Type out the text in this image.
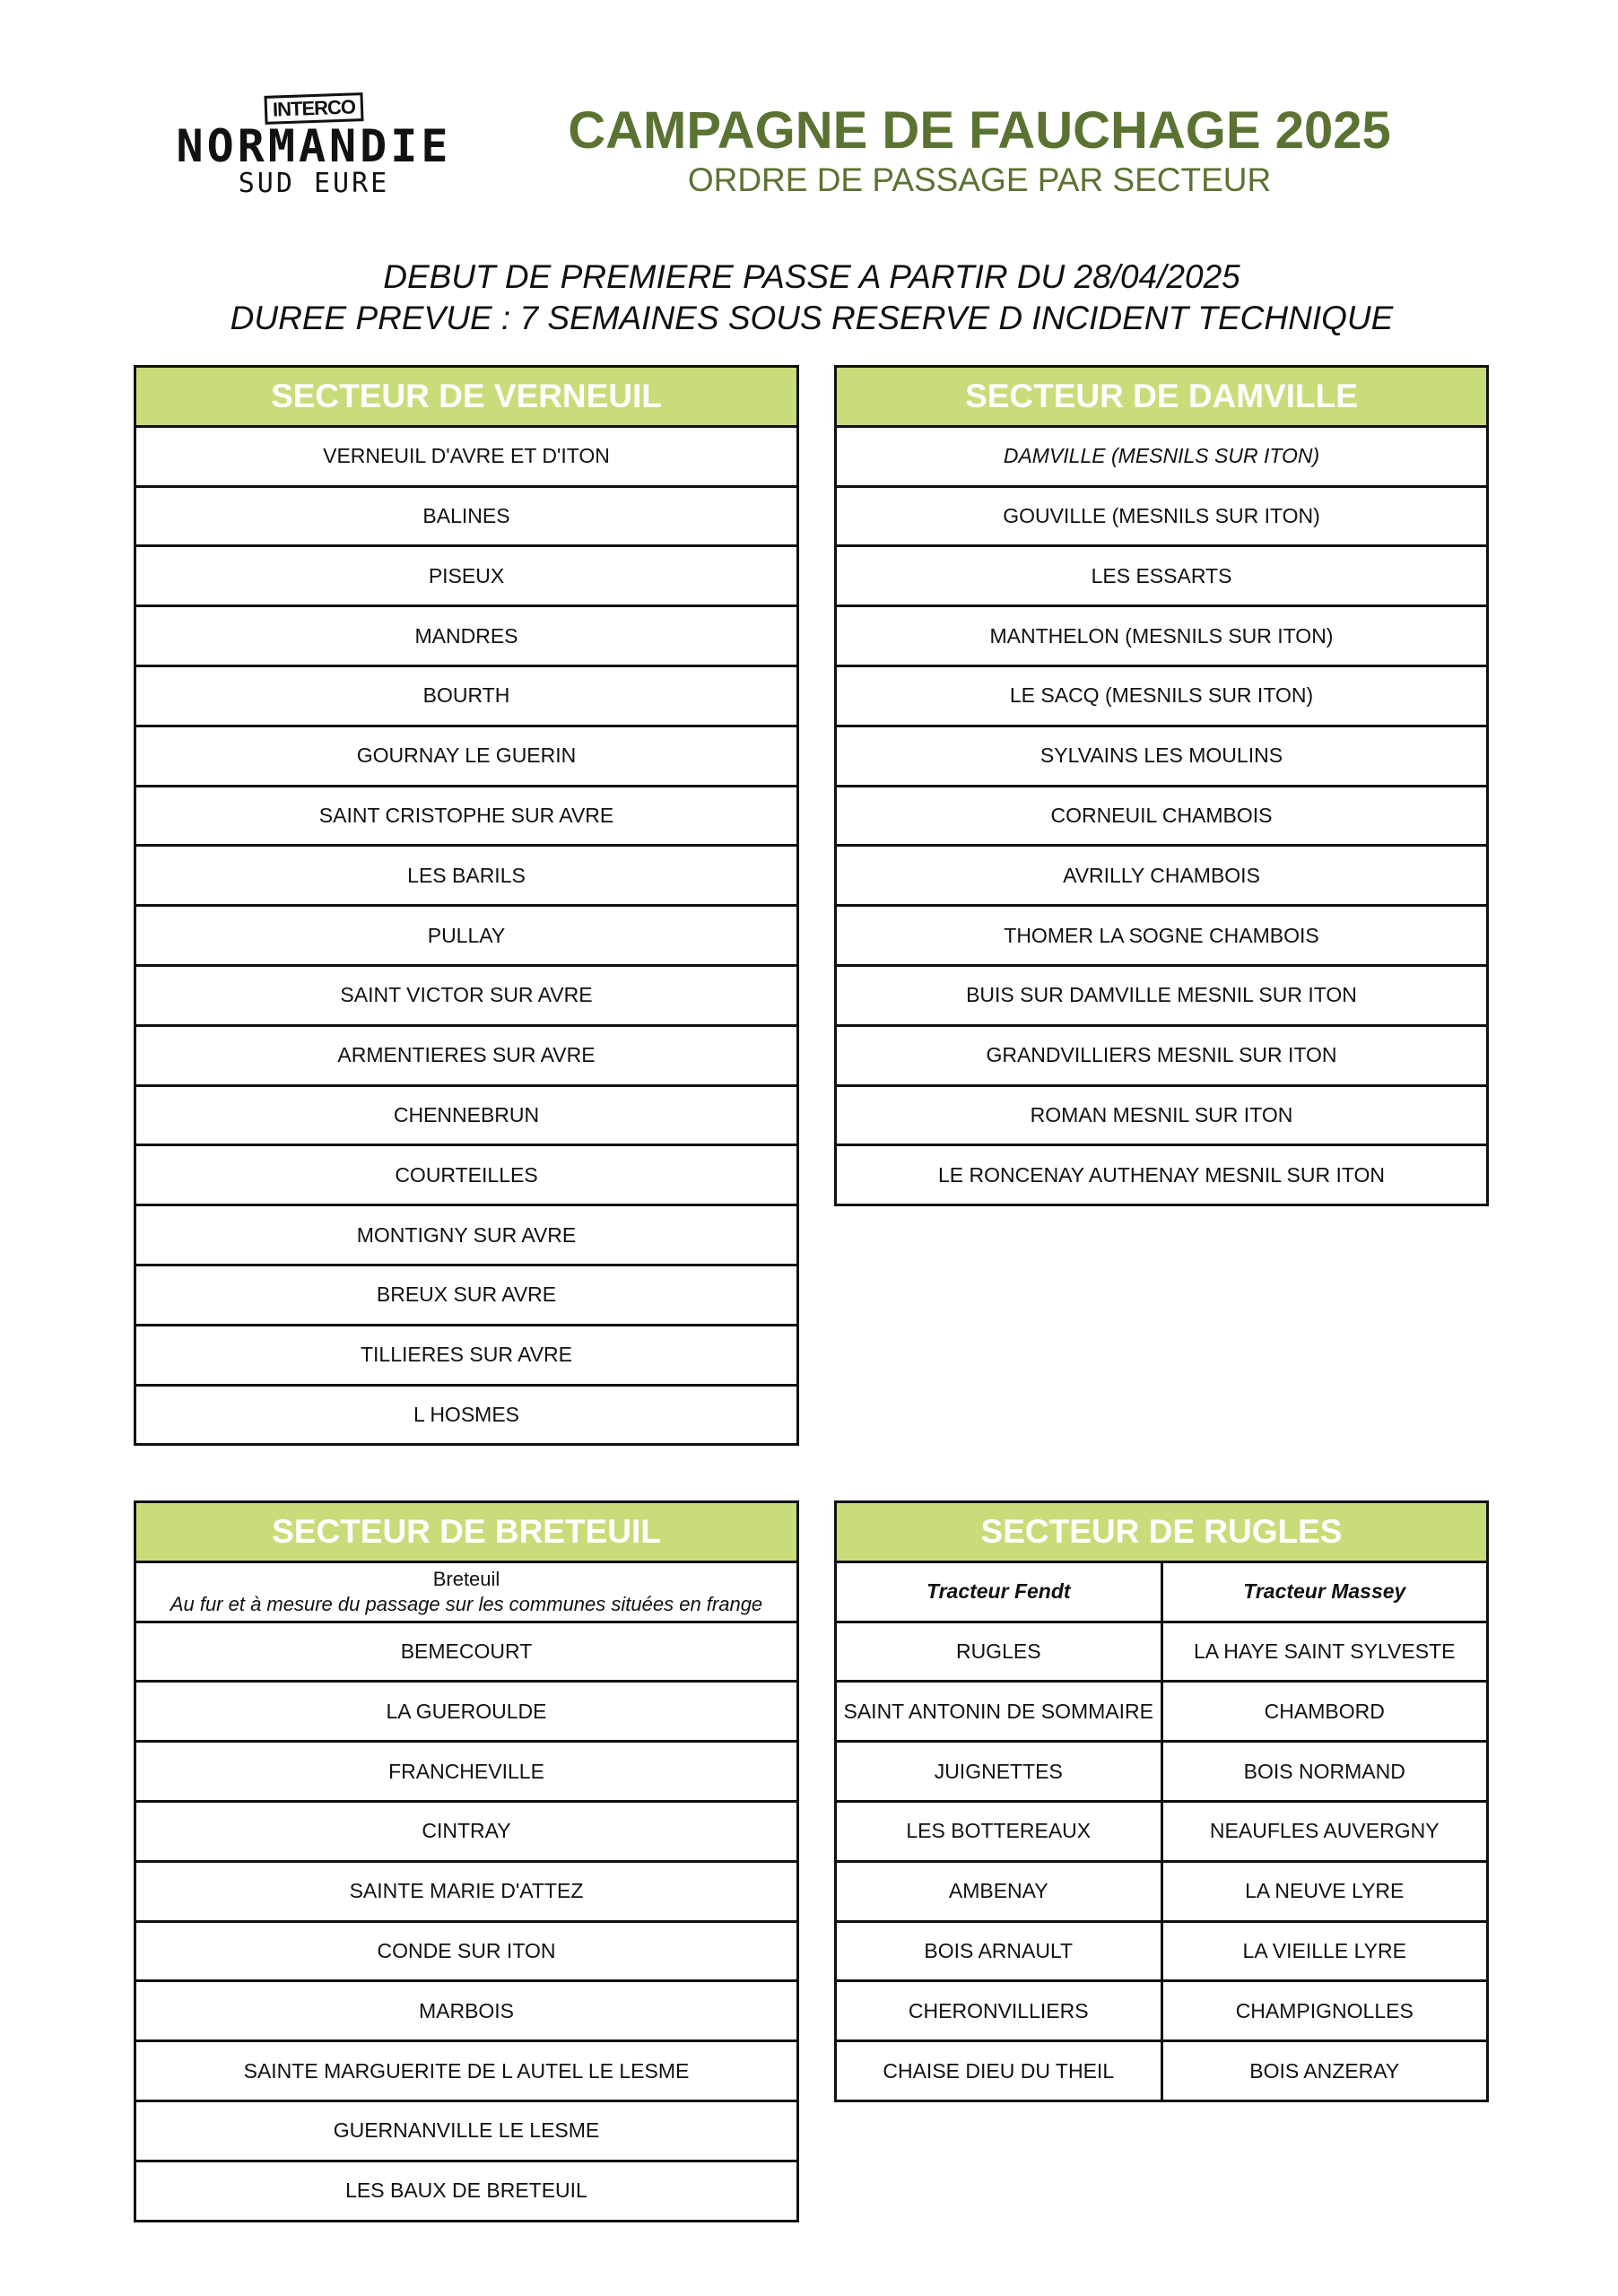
INTERCO
NORMANDIE
SUD EURE
CAMPAGNE DE FAUCHAGE 2025
ORDRE DE PASSAGE PAR SECTEUR
DEBUT DE PREMIERE PASSE A PARTIR DU 28/04/2025
DUREE PREVUE : 7 SEMAINES SOUS RESERVE D INCIDENT TECHNIQUE
SECTEUR DE VERNEUIL
VERNEUIL D'AVRE ET D'ITON
BALINES
PISEUX
MANDRES
BOURTH
GOURNAY LE GUERIN
SAINT CRISTOPHE SUR AVRE
LES BARILS
PULLAY
SAINT VICTOR SUR AVRE
ARMENTIERES SUR AVRE
CHENNEBRUN
COURTEILLES
MONTIGNY SUR AVRE
BREUX SUR AVRE
TILLIERES SUR AVRE
L HOSMES
SECTEUR DE DAMVILLE
DAMVILLE (MESNILS SUR ITON)
GOUVILLE (MESNILS SUR ITON)
LES ESSARTS
MANTHELON (MESNILS SUR ITON)
LE SACQ (MESNILS SUR ITON)
SYLVAINS LES MOULINS
CORNEUIL CHAMBOIS
AVRILLY CHAMBOIS
THOMER LA SOGNE CHAMBOIS
BUIS SUR DAMVILLE MESNIL SUR ITON
GRANDVILLIERS MESNIL SUR ITON
ROMAN MESNIL SUR ITON
LE RONCENAY AUTHENAY MESNIL SUR ITON
SECTEUR DE BRETEUIL

Breteuil
Au fur et à mesure du passage sur les communes situées en frange

BEMECOURT
LA GUEROULDE
FRANCHEVILLE
CINTRAY
SAINTE MARIE D'ATTEZ
CONDE SUR ITON
MARBOIS
SAINTE MARGUERITE DE L AUTEL LE LESME
GUERNANVILLE LE LESME
LES BAUX DE BRETEUIL
SECTEUR DE RUGLES	
Tracteur Fendt	Tracteur Massey
RUGLES	LA HAYE SAINT SYLVESTE
SAINT ANTONIN DE SOMMAIRE	CHAMBORD
JUIGNETTES	BOIS NORMAND
LES BOTTEREAUX	NEAUFLES AUVERGNY
AMBENAY	LA NEUVE LYRE
BOIS ARNAULT	LA VIEILLE LYRE
CHERONVILLIERS	CHAMPIGNOLLES
CHAISE DIEU DU THEIL	BOIS ANZERAY
